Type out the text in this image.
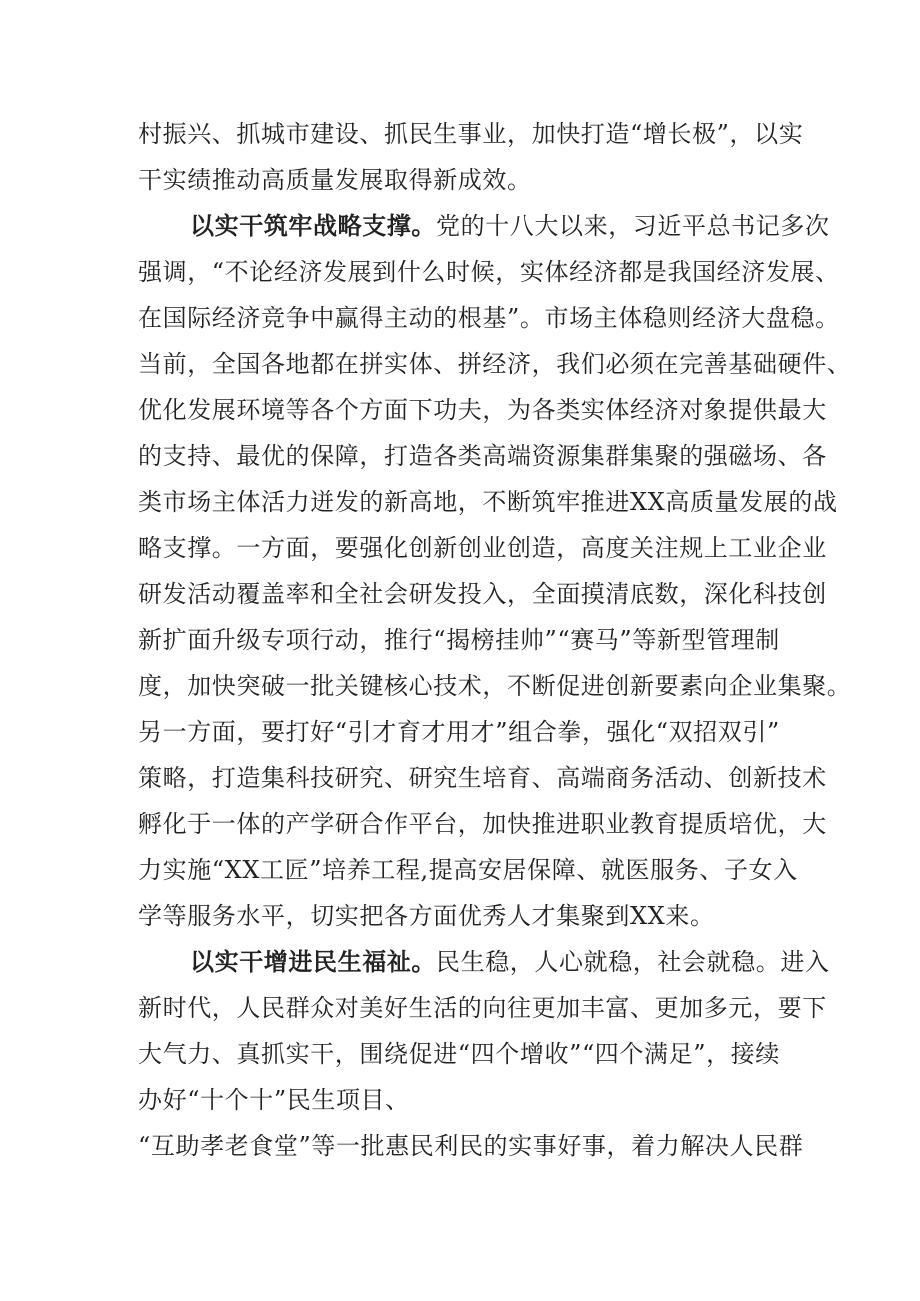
村振兴、抓城市建设、抓民生事业，加快打造“增长极”，以实
干实绩推动高质量发展取得新成效。
以实干筑牢战略支撑。党的十八大以来，习近平总书记多次
强调，“不论经济发展到什么时候，实体经济都是我国经济发展、
在国际经济竞争中赢得主动的根基”。市场主体稳则经济大盘稳。
当前，全国各地都在拼实体、拼经济，我们必须在完善基础硬件、
优化发展环境等各个方面下功夫，为各类实体经济对象提供最大
的支持、最优的保障，打造各类高端资源集群集聚的强磁场、各
类市场主体活力迸发的新高地，不断筑牢推进XX高质量发展的战
略支撑。一方面，要强化创新创业创造，高度关注规上工业企业
研发活动覆盖率和全社会研发投入，全面摸清底数，深化科技创
新扩面升级专项行动，推行“揭榜挂帅”“赛马”等新型管理制
度，加快突破一批关键核心技术，不断促进创新要素向企业集聚。
另一方面，要打好“引才育才用才”组合拳，强化“双招双引”
策略，打造集科技研究、研究生培育、高端商务活动、创新技术
孵化于一体的产学研合作平台，加快推进职业教育提质培优，大
力实施“XX工匠”培养工程,提高安居保障、就医服务、子女入
学等服务水平，切实把各方面优秀人才集聚到XX来。
以实干增进民生福祉。民生稳，人心就稳，社会就稳。进入
新时代，人民群众对美好生活的向往更加丰富、更加多元，要下
大气力、真抓实干，围绕促进“四个增收”“四个满足”，接续
办好“十个十”民生项目、
“互助孝老食堂”等一批惠民利民的实事好事，着力解决人民群
